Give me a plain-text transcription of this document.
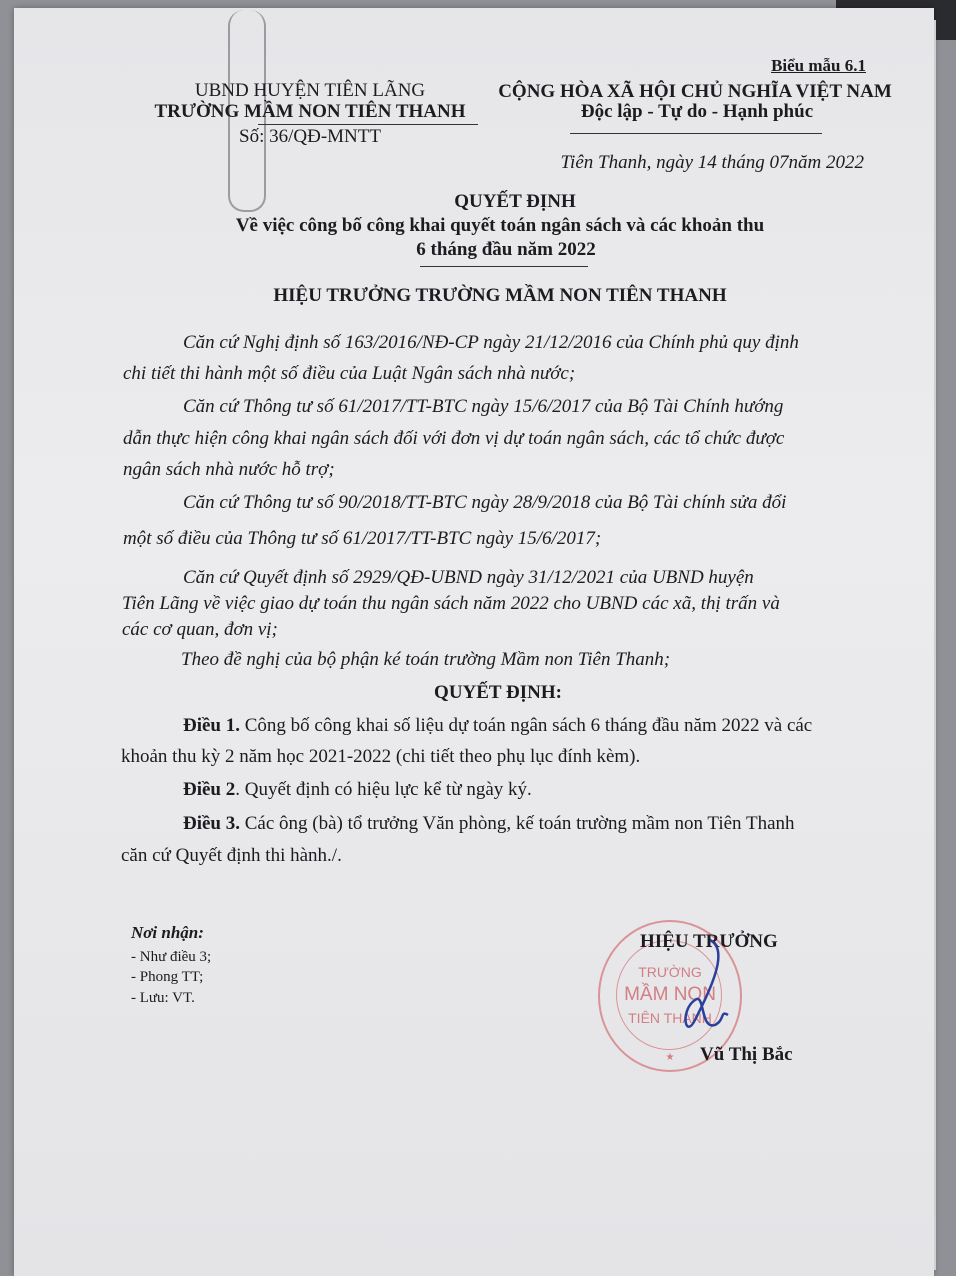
Biểu mẫu 6.1
UBND HUYỆN TIÊN LÃNG
TRƯỜNG MẦM NON TIÊN THANH
Số: 36/QĐ-MNTT
CỘNG HÒA XÃ HỘI CHỦ NGHĨA VIỆT NAM
Độc lập - Tự do - Hạnh phúc
Tiên Thanh, ngày 14 tháng 07năm 2022
QUYẾT ĐỊNH
Về việc công bố công khai quyết toán ngân sách và các khoản thu
6 tháng đầu năm 2022
HIỆU TRƯỞNG TRƯỜNG MẦM NON TIÊN THANH
Căn cứ Nghị định số 163/2016/NĐ-CP ngày 21/12/2016 của Chính phủ quy định
chi tiết thi hành một số điều của Luật Ngân sách nhà nước;
Căn cứ Thông tư số 61/2017/TT-BTC ngày 15/6/2017 của Bộ Tài Chính hướng
dẫn thực hiện công khai ngân sách đối với đơn vị dự toán ngân sách, các tổ chức được
ngân sách nhà nước hỗ trợ;
Căn cứ Thông tư số 90/2018/TT-BTC ngày 28/9/2018 của Bộ Tài chính sửa đổi
một số điều của Thông tư số 61/2017/TT-BTC ngày 15/6/2017;
Căn cứ Quyết định số 2929/QĐ-UBND ngày 31/12/2021 của UBND huyện
Tiên Lãng về việc giao dự toán thu ngân sách năm 2022 cho UBND các xã, thị trấn và
các cơ quan, đơn vị;
Theo đề nghị của bộ phận ké toán trường Mầm non Tiên Thanh;
QUYẾT ĐỊNH:
Điều 1. Công bố công khai số liệu dự toán ngân sách 6 tháng đầu năm 2022 và các
khoản thu kỳ 2 năm học 2021-2022 (chi tiết theo phụ lục đính kèm).
Điều 2. Quyết định có hiệu lực kể từ ngày ký.
Điều 3. Các ông (bà) tổ trưởng Văn phòng, kế toán trường mầm non Tiên Thanh
căn cứ Quyết định thi hành./.
Nơi nhận:
- Như điều 3;
- Phong TT;
- Lưu: VT.
TRƯỜNG
MẦM NON
TIÊN THANH
★
HIỆU TRƯỞNG
Vũ Thị Bắc
